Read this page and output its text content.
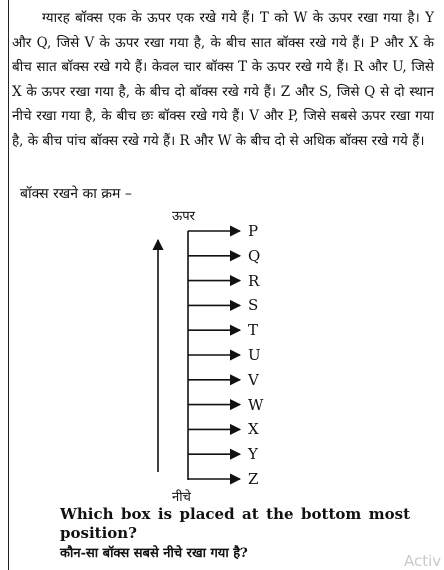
ग्यारह बॉक्स एक के ऊपर एक रखे गये हैं। T को W के ऊपर रखा गया है। Y और Q, जिसे V के ऊपर रखा गया है, के बीच सात बॉक्स रखे गये हैं। P और X के बीच सात बॉक्स रखे गये हैं। केवल चार बॉक्स T के ऊपर रखे गये हैं। R और U, जिसे X के ऊपर रखा गया है, के बीच दो बॉक्स रखे गये हैं। Z और S, जिसे Q से दो स्थान नीचे रखा गया है, के बीच छः बॉक्स रखे गये हैं। V और P, जिसे सबसे ऊपर रखा गया है, के बीच पांच बॉक्स रखे गये हैं। R और W के बीच दो से अधिक बॉक्स रखे गये हैं।

बॉक्स रखने का क्रम –

ऊपर

P

Q

R

S

T

U

V

W

X

Y

Z

नीचे

Which box is placed at the bottom most position?

कौन-सा बॉक्स सबसे नीचे रखा गया है?	Activ
